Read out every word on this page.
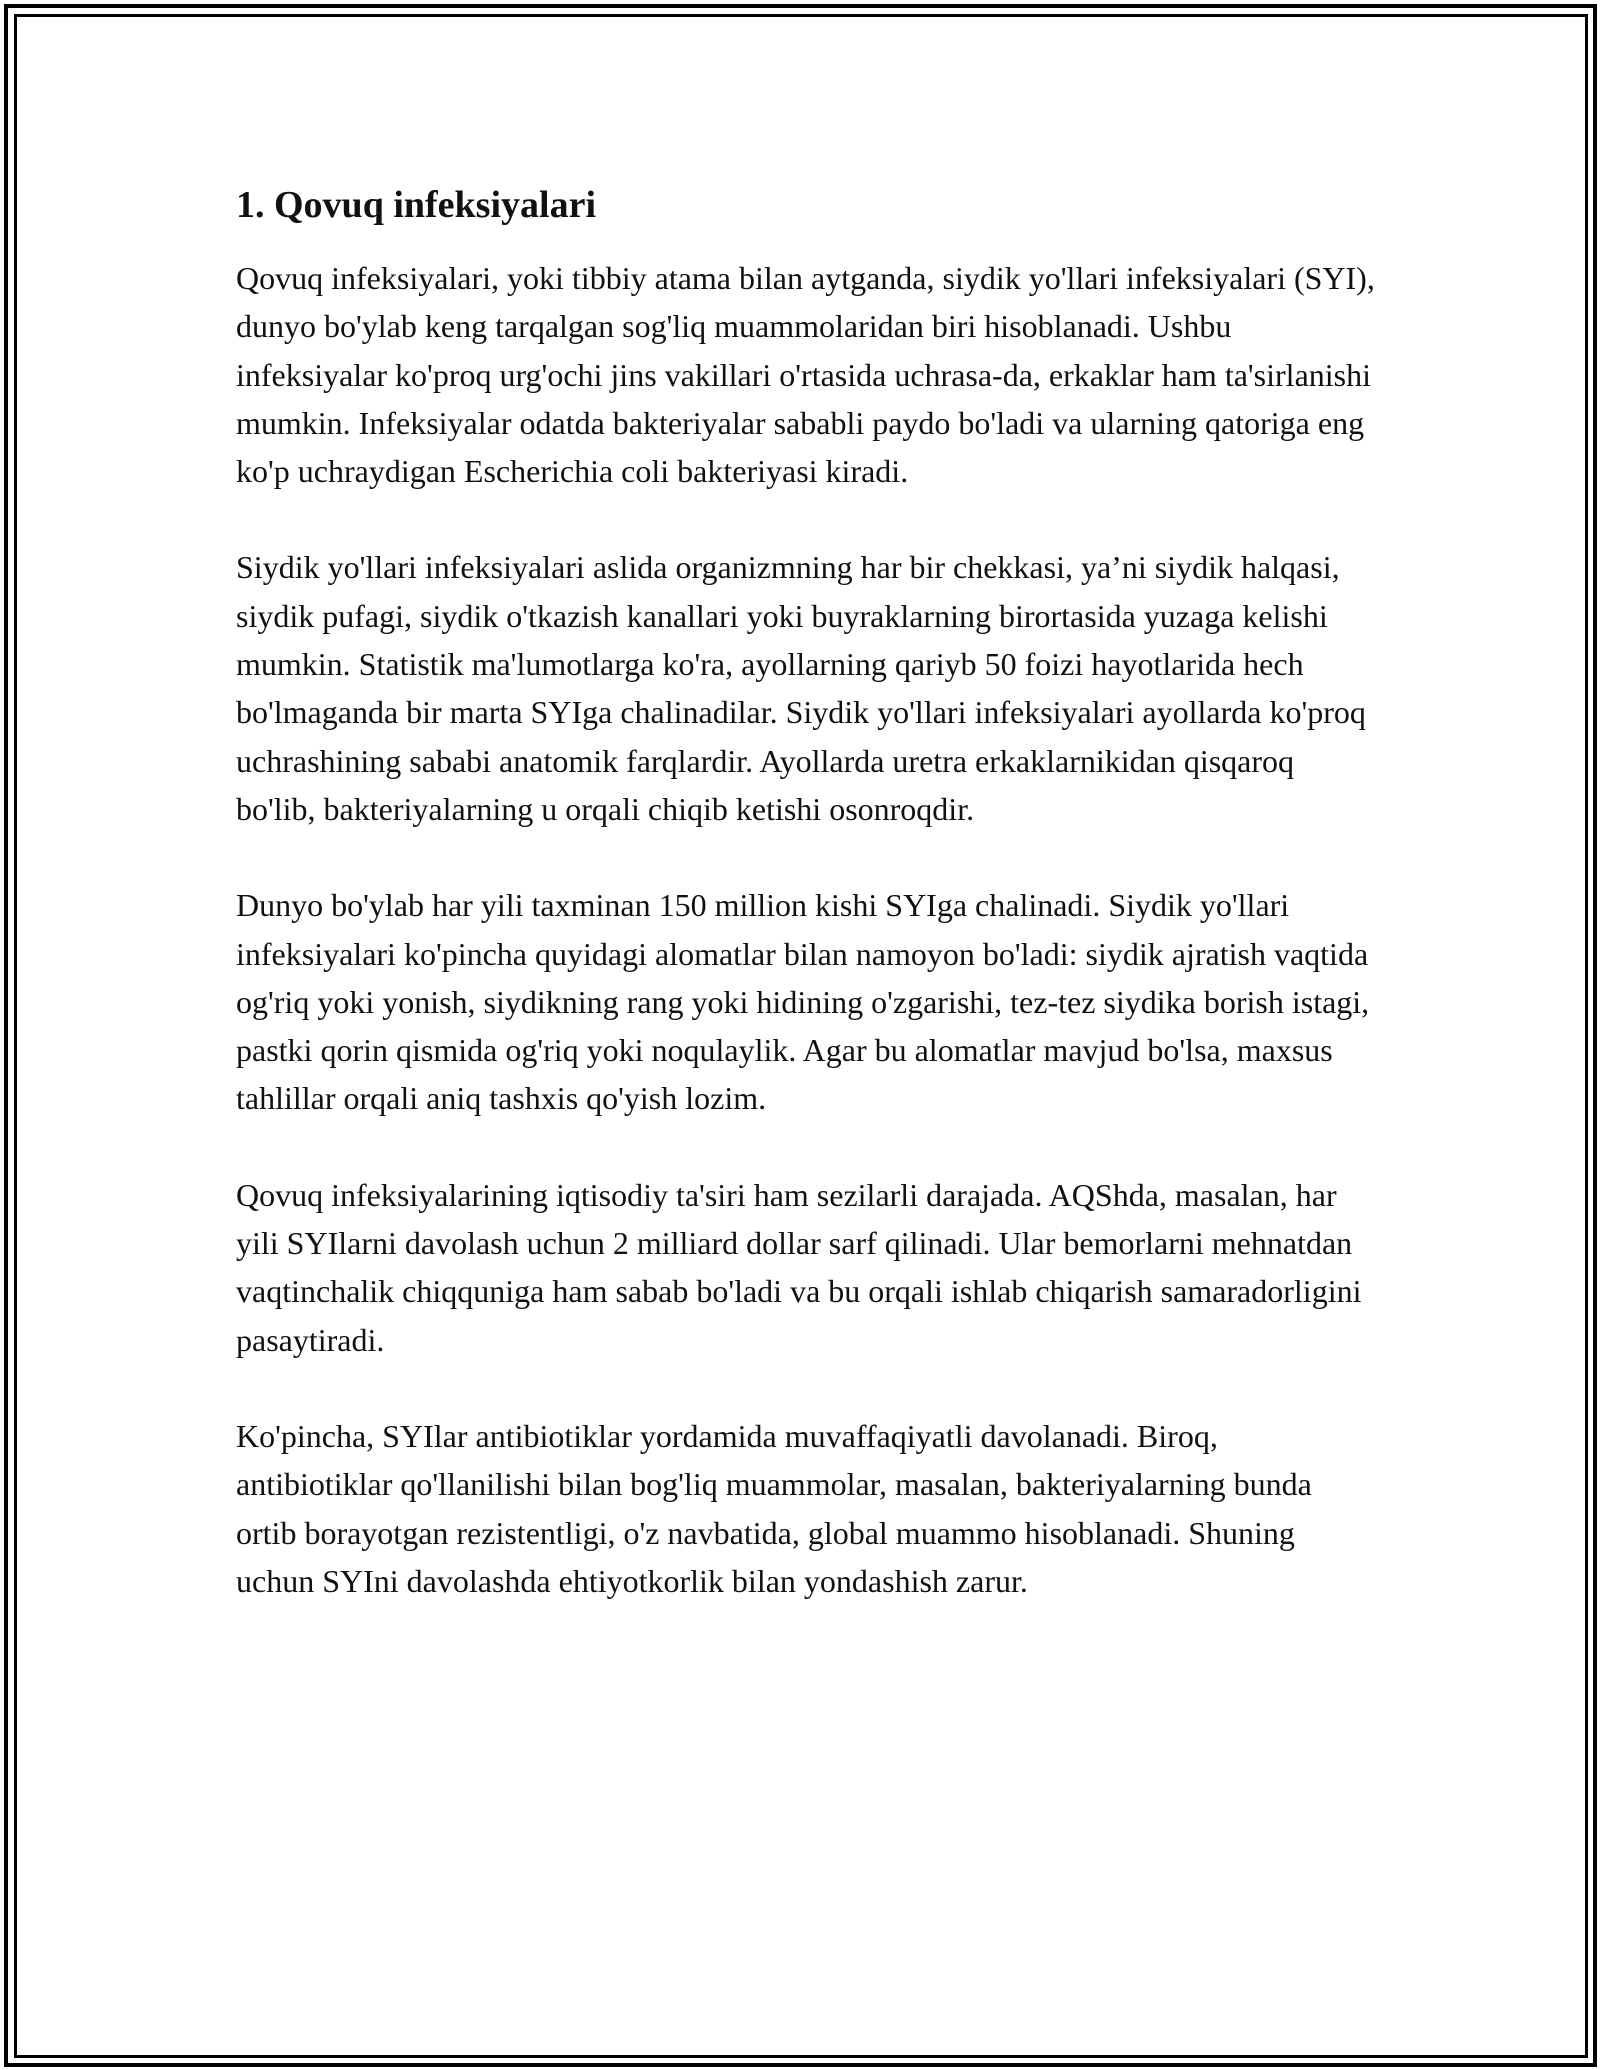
1. Qovuq infeksiyalari

Qovuq infeksiyalari, yoki tibbiy atama bilan aytganda, siydik yo'llari infeksiyalari (SYI), dunyo bo'ylab keng tarqalgan sog'liq muammolaridan biri hisoblanadi. Ushbu infeksiyalar ko'proq urg'ochi jins vakillari o'rtasida uchrasa-da, erkaklar ham ta'sirlanishi mumkin. Infeksiyalar odatda bakteriyalar sababli paydo bo'ladi va ularning qatoriga eng ko'p uchraydigan Escherichia coli bakteriyasi kiradi.

Siydik yo'llari infeksiyalari aslida organizmning har bir chekkasi, ya’ni siydik halqasi, siydik pufagi, siydik o'tkazish kanallari yoki buyraklarning birortasida yuzaga kelishi mumkin. Statistik ma'lumotlarga ko'ra, ayollarning qariyb 50 foizi hayotlarida hech bo'lmaganda bir marta SYIga chalinadilar. Siydik yo'llari infeksiyalari ayollarda ko'proq uchrashining sababi anatomik farqlardir. Ayollarda uretra erkaklarnikidan qisqaroq bo'lib, bakteriyalarning u orqali chiqib ketishi osonroqdir.

Dunyo bo'ylab har yili taxminan 150 million kishi SYIga chalinadi. Siydik yo'llari infeksiyalari ko'pincha quyidagi alomatlar bilan namoyon bo'ladi: siydik ajratish vaqtida og'riq yoki yonish, siydikning rang yoki hidining o'zgarishi, tez-tez siydika borish istagi, pastki qorin qismida og'riq yoki noqulaylik. Agar bu alomatlar mavjud bo'lsa, maxsus tahlillar orqali aniq tashxis qo'yish lozim.

Qovuq infeksiyalarining iqtisodiy ta'siri ham sezilarli darajada. AQShda, masalan, har yili SYIlarni davolash uchun 2 milliard dollar sarf qilinadi. Ular bemorlarni mehnatdan vaqtinchalik chiqquniga ham sabab bo'ladi va bu orqali ishlab chiqarish samaradorligini pasaytiradi.

Ko'pincha, SYIlar antibiotiklar yordamida muvaffaqiyatli davolanadi. Biroq, antibiotiklar qo'llanilishi bilan bog'liq muammolar, masalan, bakteriyalarning bunda ortib borayotgan rezistentligi, o'z navbatida, global muammo hisoblanadi. Shuning uchun SYIni davolashda ehtiyotkorlik bilan yondashish zarur.
